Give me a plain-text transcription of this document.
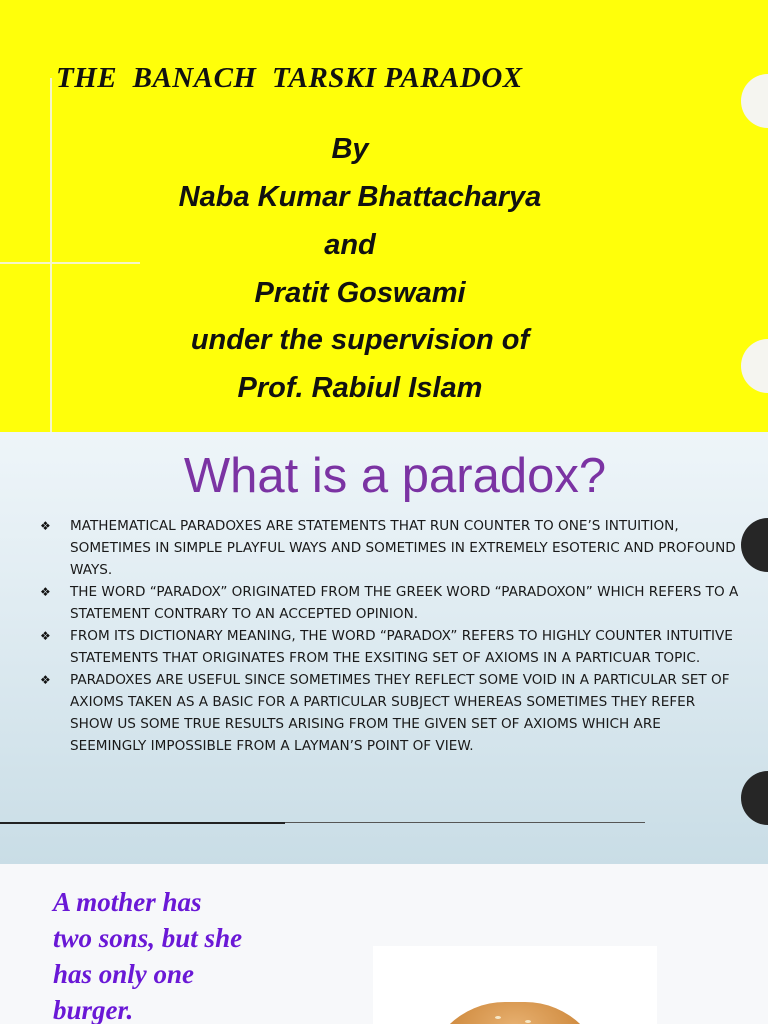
THE  BANACH  TARSKI PARADOX
By
Naba Kumar Bhattacharya
and
Pratit Goswami
under the supervision of
Prof. Rabiul Islam
What is a paradox?
❖ MATHEMATICAL PARADOXES ARE STATEMENTS THAT RUN COUNTER TO ONE’S INTUITION, SOMETIMES IN SIMPLE PLAYFUL WAYS AND SOMETIMES IN EXTREMELY ESOTERIC AND PROFOUND WAYS.
❖ THE WORD “PARADOX” ORIGINATED FROM THE GREEK WORD “PARADOXON” WHICH REFERS TO A STATEMENT CONTRARY TO AN ACCEPTED OPINION.
❖ FROM ITS DICTIONARY MEANING, THE WORD “PARADOX” REFERS TO HIGHLY COUNTER INTUITIVE STATEMENTS THAT ORIGINATES FROM THE EXSITING SET OF AXIOMS IN A PARTICUAR TOPIC.
❖ PARADOXES ARE USEFUL SINCE SOMETIMES THEY REFLECT SOME VOID IN A PARTICULAR SET OF AXIOMS TAKEN AS A BASIC FOR A PARTICULAR SUBJECT WHEREAS SOMETIMES THEY REFER SHOW US SOME TRUE RESULTS ARISING FROM THE GIVEN SET OF AXIOMS WHICH ARE SEEMINGLY IMPOSSIBLE FROM A LAYMAN’S POINT OF VIEW.
A mother has
two sons, but she
has only one
burger.
